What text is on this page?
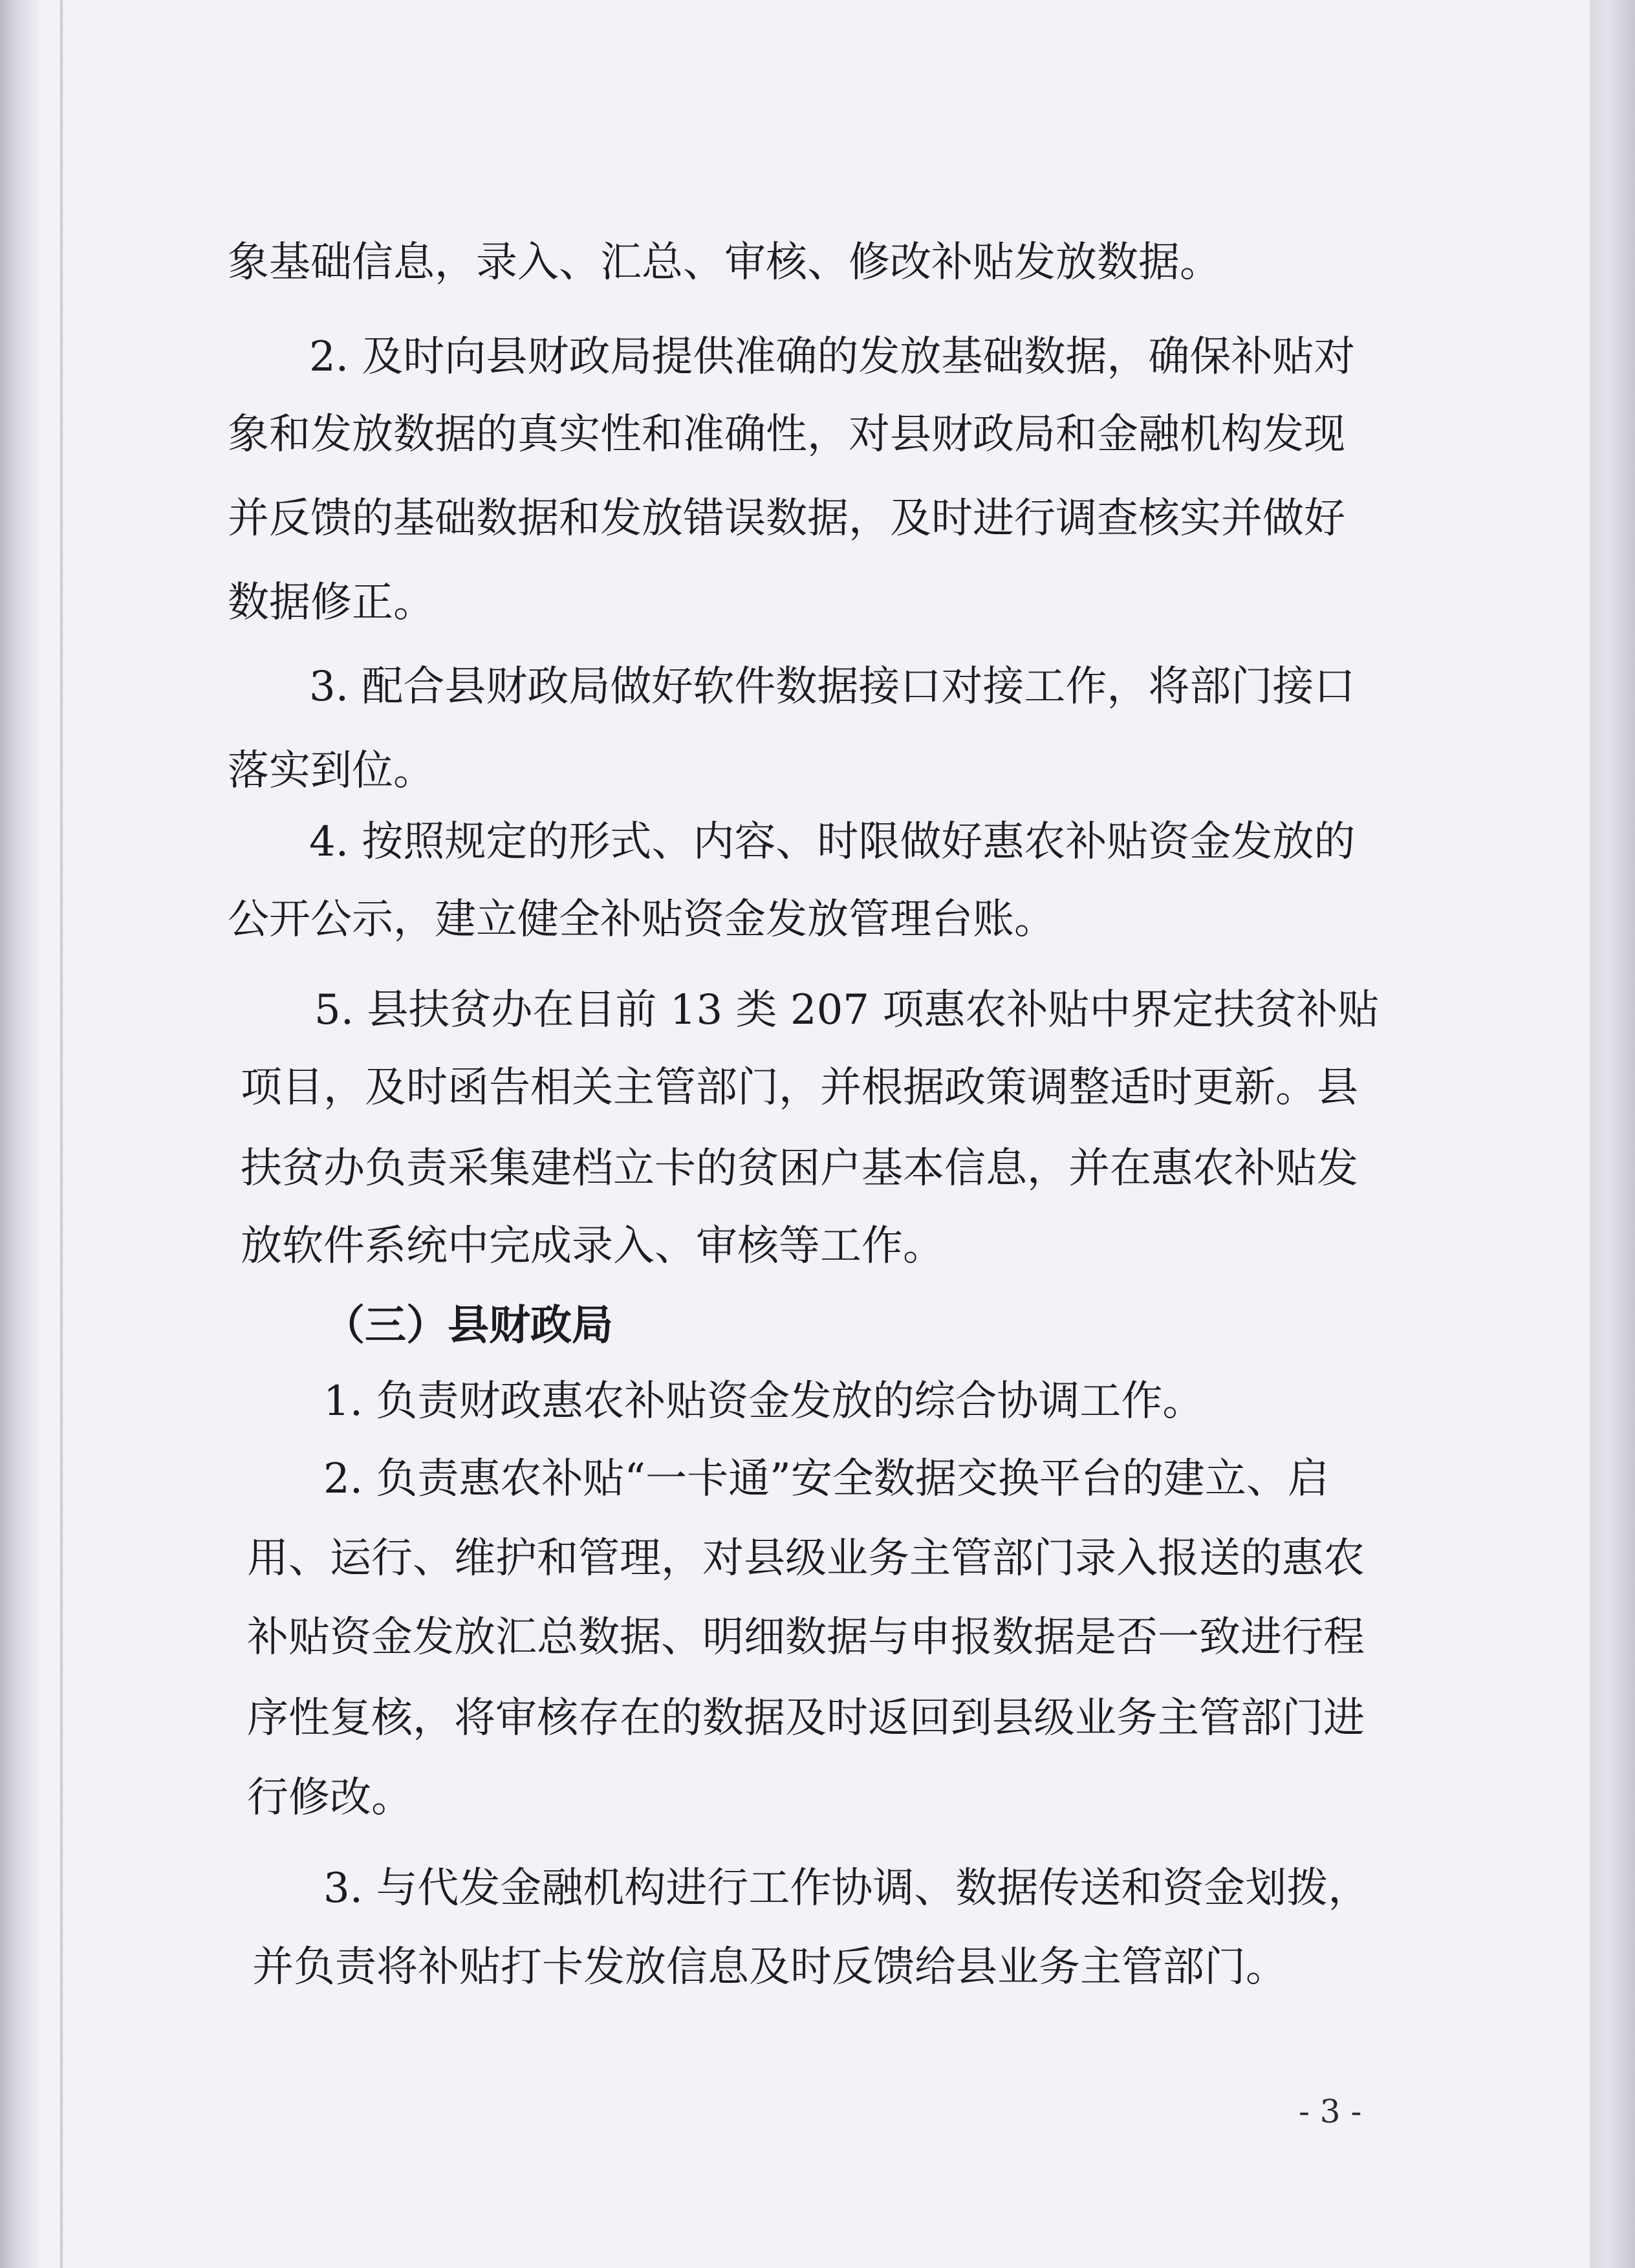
象基础信息，录入、汇总、审核、修改补贴发放数据。
2. 及时向县财政局提供准确的发放基础数据，确保补贴对
象和发放数据的真实性和准确性，对县财政局和金融机构发现
并反馈的基础数据和发放错误数据，及时进行调查核实并做好
数据修正。
3. 配合县财政局做好软件数据接口对接工作，将部门接口
落实到位。
4. 按照规定的形式、内容、时限做好惠农补贴资金发放的
公开公示，建立健全补贴资金发放管理台账。
5. 县扶贫办在目前 13 类 207 项惠农补贴中界定扶贫补贴
项目，及时函告相关主管部门，并根据政策调整适时更新。县
扶贫办负责采集建档立卡的贫困户基本信息，并在惠农补贴发
放软件系统中完成录入、审核等工作。
（三）县财政局
1. 负责财政惠农补贴资金发放的综合协调工作。
2. 负责惠农补贴“一卡通”安全数据交换平台的建立、启
用、运行、维护和管理，对县级业务主管部门录入报送的惠农
补贴资金发放汇总数据、明细数据与申报数据是否一致进行程
序性复核，将审核存在的数据及时返回到县级业务主管部门进
行修改。
3. 与代发金融机构进行工作协调、数据传送和资金划拨，
并负责将补贴打卡发放信息及时反馈给县业务主管部门。
- 3 -
